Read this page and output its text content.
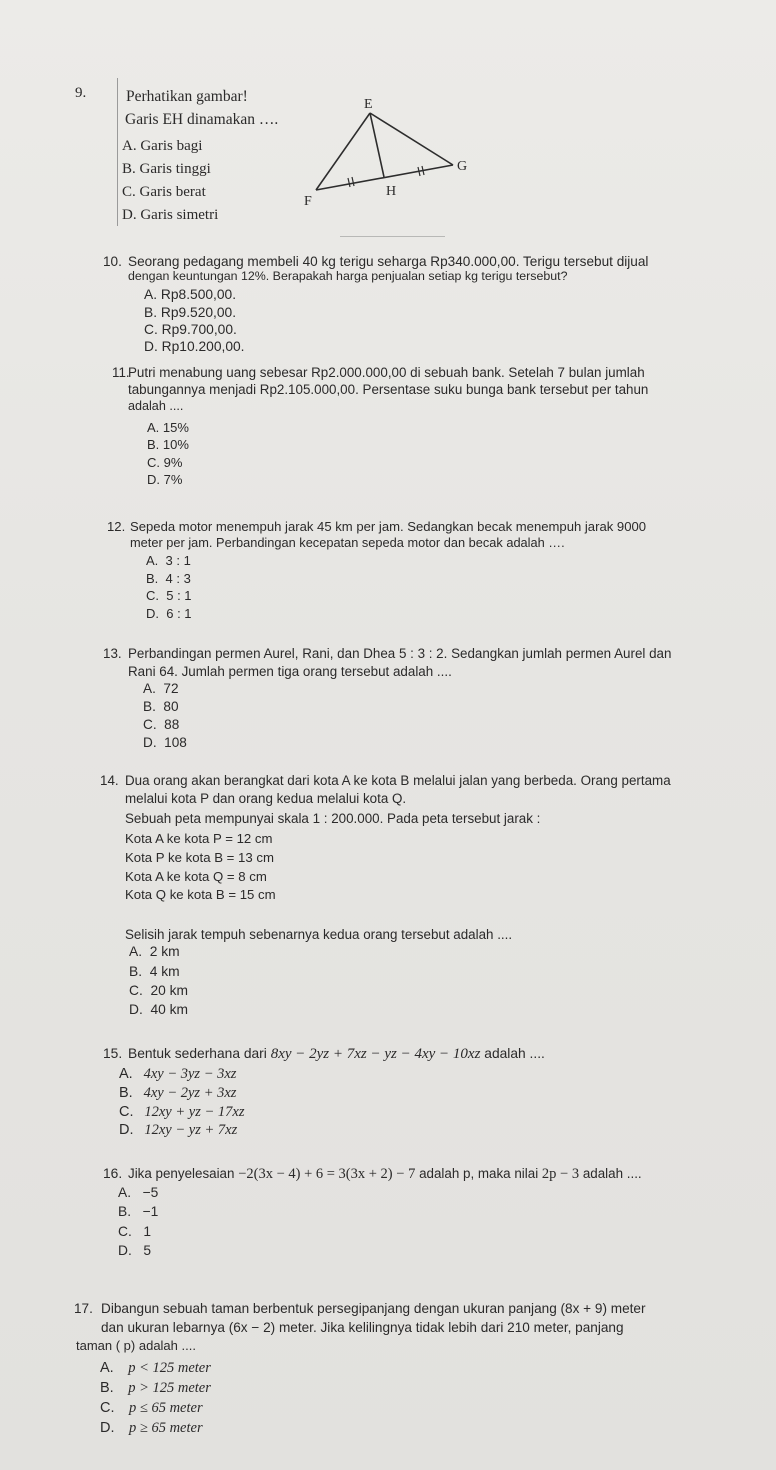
9.	Perhatikan gambar!
Garis EH dinamakan ….
A. Garis bagi
B. Garis tinggi
C. Garis berat
D. Garis simetri
E
F
G
H
10. Seorang pedagang membeli 40 kg terigu seharga Rp340.000,00. Terigu tersebut dijual
dengan keuntungan 12%. Berapakah harga penjualan setiap kg terigu tersebut?
A. Rp8.500,00.
B. Rp9.520,00.
C. Rp9.700,00.
D. Rp10.200,00.
11.
Putri menabung uang sebesar Rp2.000.000,00 di sebuah bank. Setelah 7 bulan jumlah
tabungannya menjadi Rp2.105.000,00. Persentase suku bunga bank tersebut per tahun
adalah ....
A. 15%
B. 10%
C. 9%
D. 7%
12. Sepeda motor menempuh jarak 45 km per jam. Sedangkan becak menempuh jarak 9000
meter per jam. Perbandingan kecepatan sepeda motor dan becak adalah ….
A. 3 : 1
B. 4 : 3
C. 5 : 1
D. 6 : 1
13. Perbandingan permen Aurel, Rani, dan Dhea 5 : 3 : 2. Sedangkan jumlah permen Aurel dan
Rani 64. Jumlah permen tiga orang tersebut adalah ....
A. 72
B. 80
C. 88
D. 108
14. Dua orang akan berangkat dari kota A ke kota B melalui jalan yang berbeda. Orang pertama
melalui kota P dan orang kedua melalui kota Q.
Sebuah peta mempunyai skala 1 : 200.000. Pada peta tersebut jarak :
Kota A ke kota P = 12 cm
Kota P ke kota B = 13 cm
Kota A ke kota Q = 8 cm
Kota Q ke kota B = 15 cm
Selisih jarak tempuh sebenarnya kedua orang tersebut adalah ....
A. 2 km
B. 4 km
C. 20 km
D. 40 km
15. Bentuk sederhana dari 8xy − 2yz + 7xz − yz − 4xy − 10xz adalah ....
A. 4xy − 3yz − 3xz
B. 4xy − 2yz + 3xz
C. 12xy + yz − 17xz
D. 12xy − yz + 7xz
16. Jika penyelesaian −2(3x − 4) + 6 = 3(3x + 2) − 7 adalah p, maka nilai 2p − 3 adalah ....
A. −5
B. −1
C. 1
D. 5
17. Dibangun sebuah taman berbentuk persegipanjang dengan ukuran panjang (8x + 9) meter
dan ukuran lebarnya (6x − 2) meter. Jika kelilingnya tidak lebih dari 210 meter, panjang
taman ( p) adalah ....
A. p < 125 meter
B. p > 125 meter
C. p ≤ 65 meter
D. p ≥ 65 meter
